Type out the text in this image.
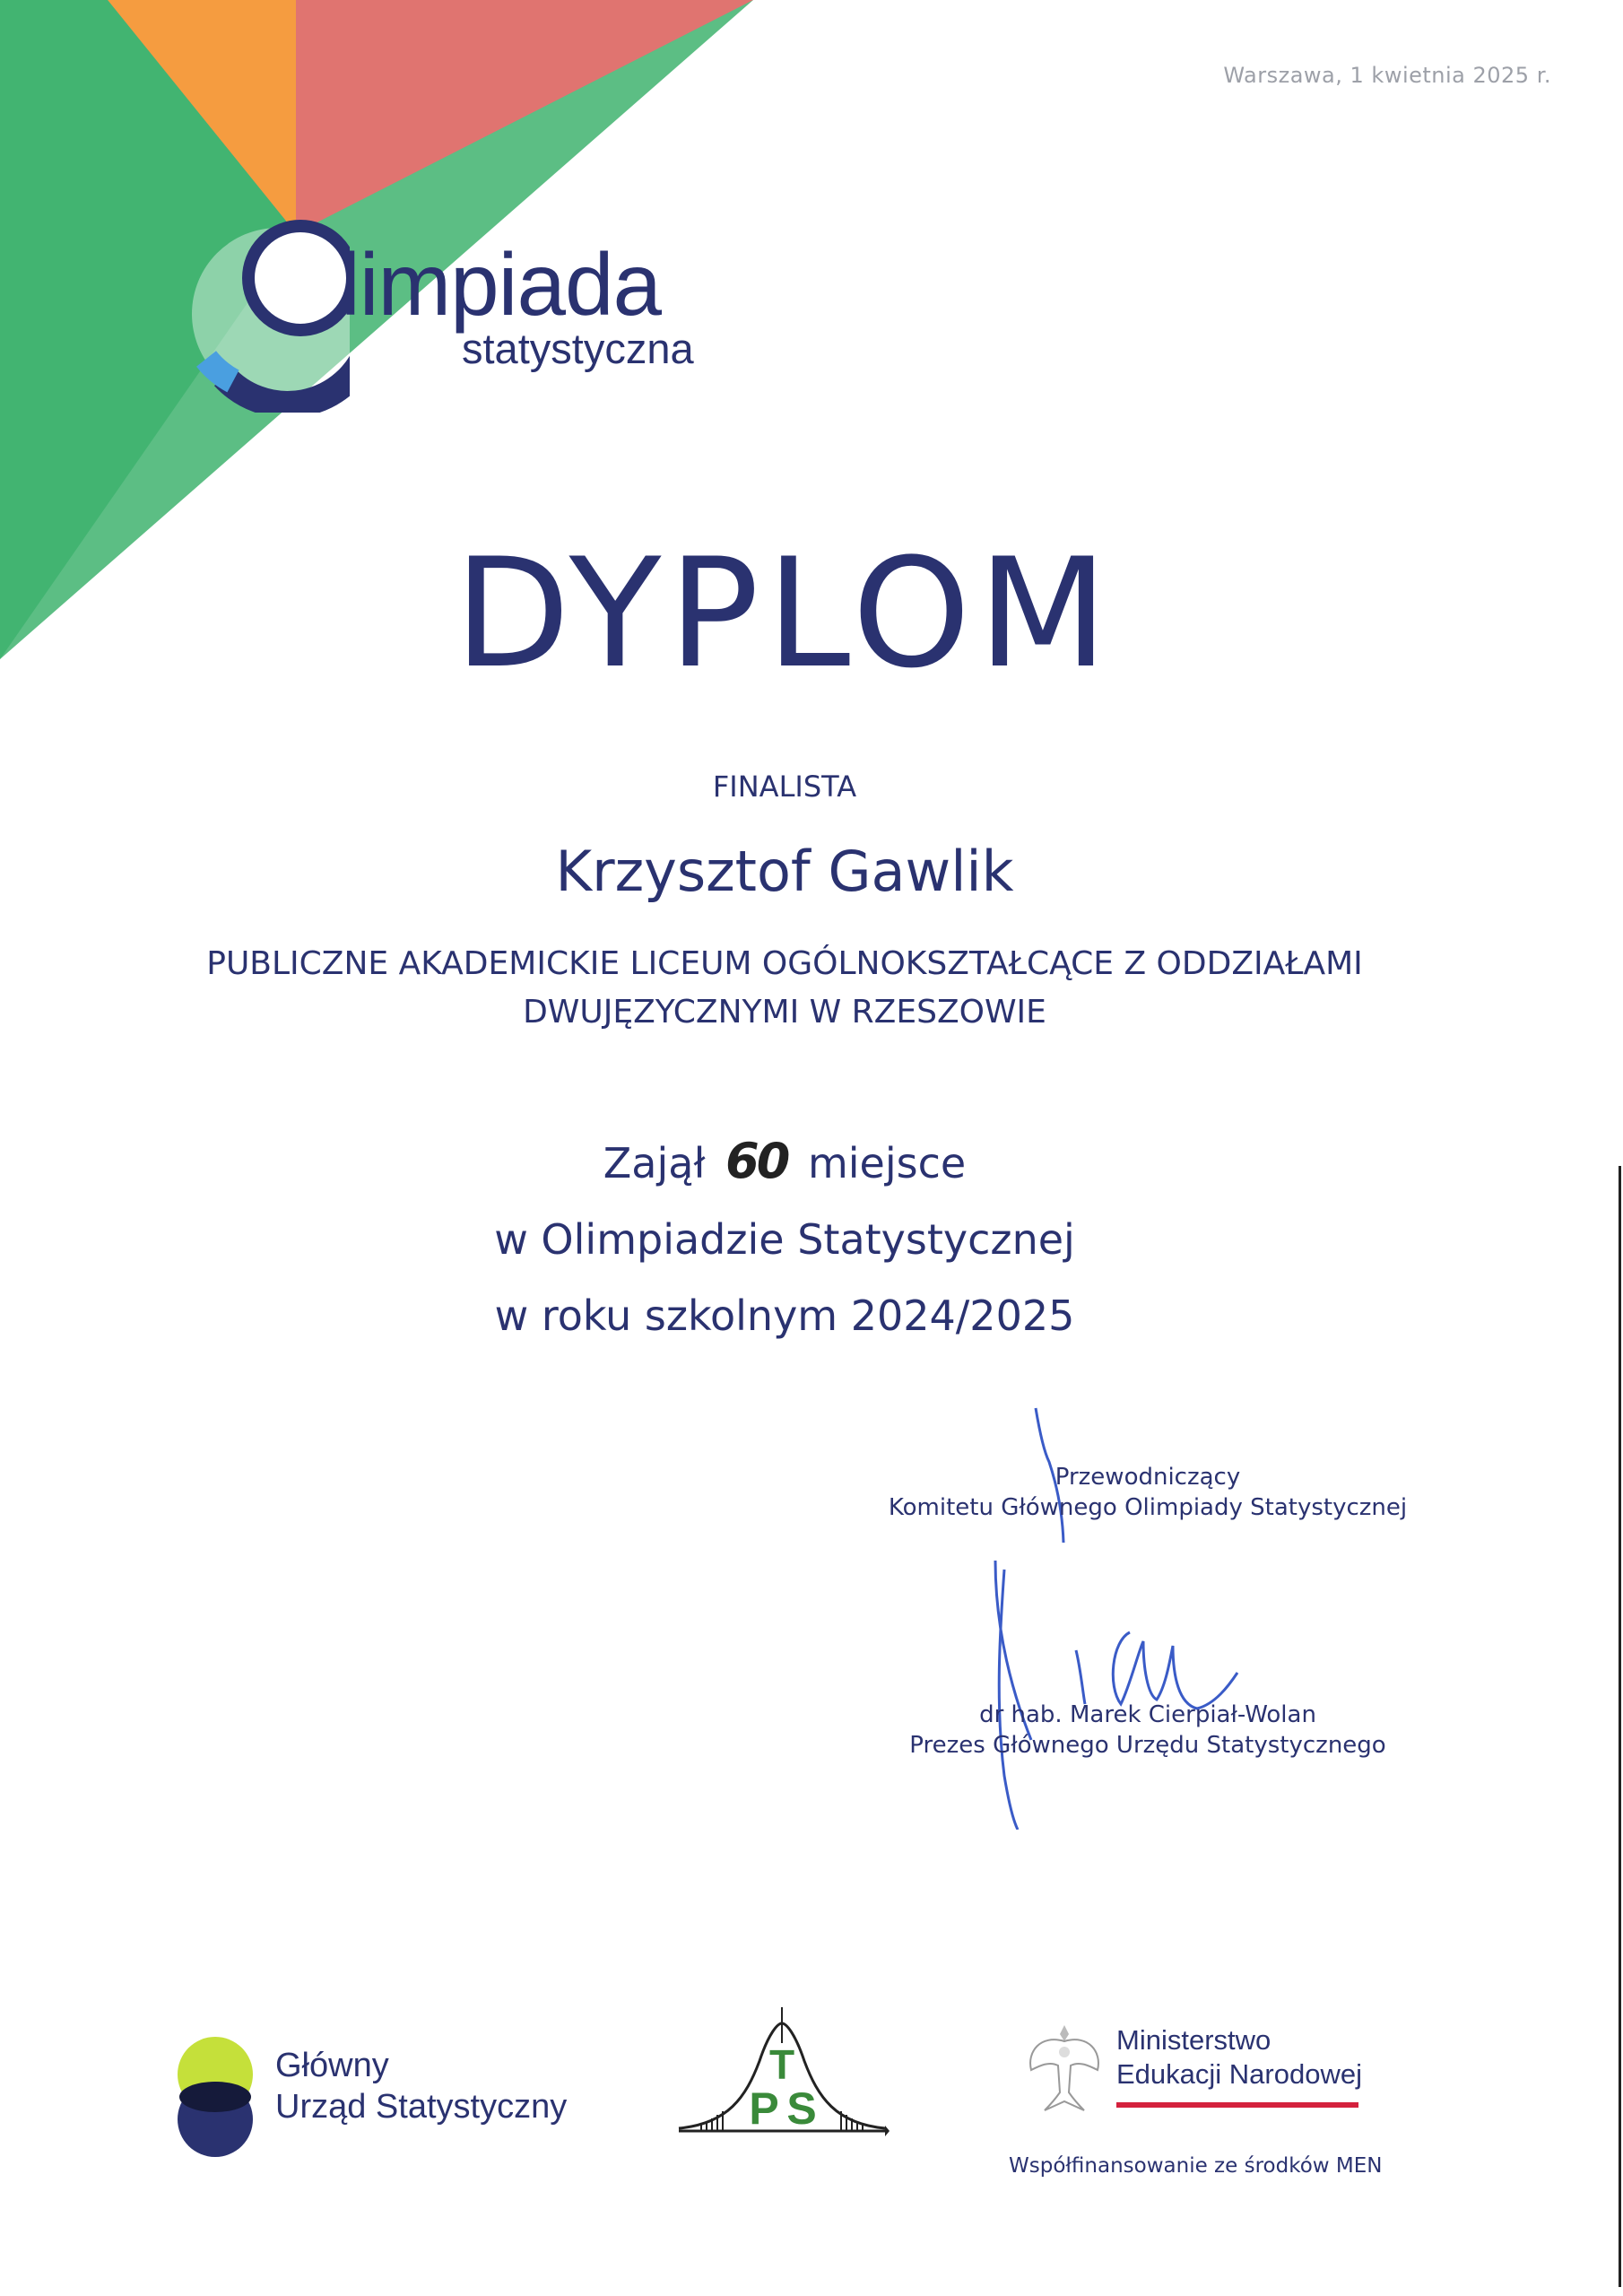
Warszawa, 1 kwietnia 2025 r.
limpiada
statystyczna
DYPLOM
FINALISTA
Krzysztof Gawlik
PUBLICZNE AKADEMICKIE LICEUM OGÓLNOKSZTAŁCĄCE Z ODDZIAŁAMI
DWUJĘZYCZNYMI W RZESZOWIE
Zajął 60 miejsce
w Olimpiadzie Statystycznej
w roku szkolnym 2024/2025
Przewodniczący
Komitetu Głównego Olimpiady Statystycznej
dr hab. Marek Cierpiał-Wolan
Prezes Głównego Urzędu Statystycznego
Główny
Urząd Statystyczny
T
P S
Ministerstwo
Edukacji Narodowej
Współfinansowanie ze środków MEN
